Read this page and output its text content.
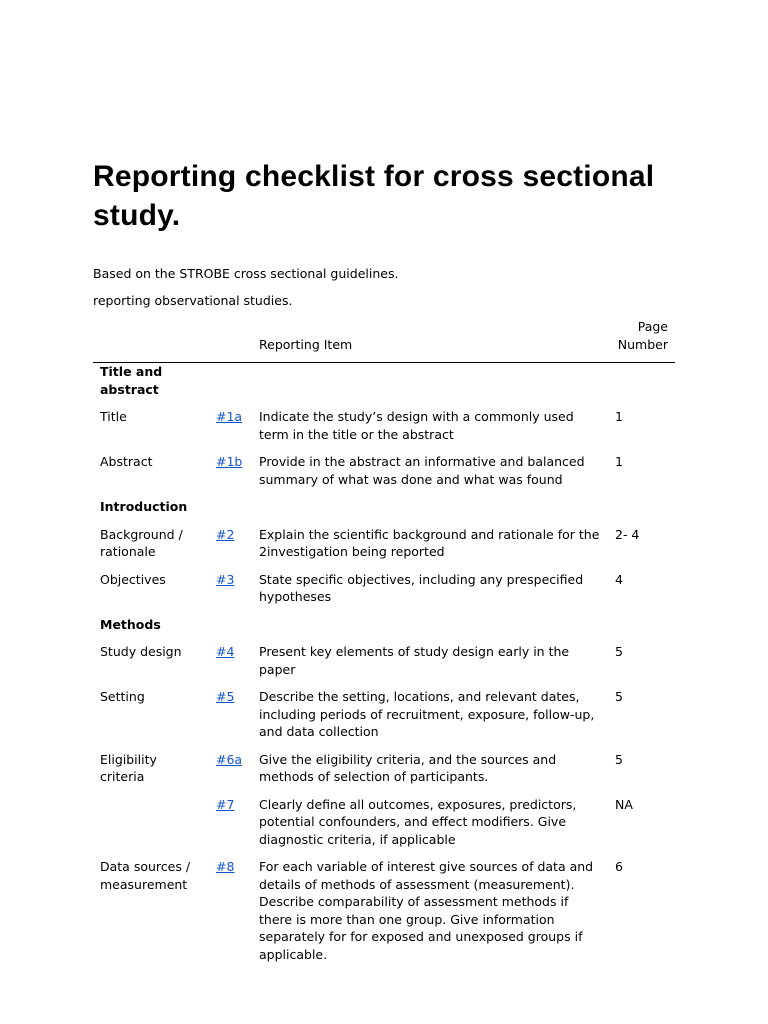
Reporting checklist for cross sectional study.

Based on the STROBE cross sectional guidelines.

reporting observational studies.

		Reporting Item	Page Number
Title and abstract			
Title	#1a	Indicate the study’s design with a commonly used term in the title or the abstract	1
Abstract	#1b	Provide in the abstract an informative and balanced summary of what was done and what was found	1
Introduction			
Background / rationale	#2	Explain the scientific background and rationale for the 2investigation being reported	2- 4
Objectives	#3	State specific objectives, including any prespecified hypotheses	4
Methods			
Study design	#4	Present key elements of study design early in the paper	5
Setting	#5	Describe the setting, locations, and relevant dates, including periods of recruitment, exposure, follow-up, and data collection	5
Eligibility criteria	#6a	Give the eligibility criteria, and the sources and methods of selection of participants.	5
	#7	Clearly define all outcomes, exposures, predictors, potential confounders, and effect modifiers. Give diagnostic criteria, if applicable	NA
Data sources / measurement	#8	For each variable of interest give sources of data and details of methods of assessment (measurement). Describe comparability of assessment methods if there is more than one group. Give information separately for for exposed and unexposed groups if applicable.	6
